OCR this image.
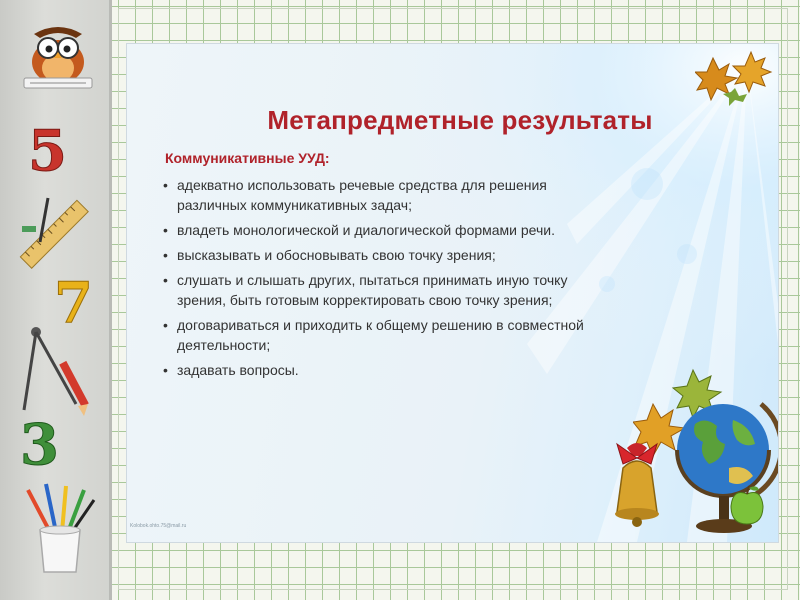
5
7
3
Метапредметные результаты
Коммуникативные УУД:
• адекватно использовать речевые средства для решения различных коммуникативных задач;
• владеть монологической и диалогической формами речи.
• высказывать и обосновывать свою точку зрения;
• слушать и слышать других, пытаться принимать иную точку зрения, быть готовым корректировать свою точку зрения;
• договариваться и приходить к общему решению в совместной деятельности;
• задавать вопросы.
Kolobok.ohto.75@mail.ru
